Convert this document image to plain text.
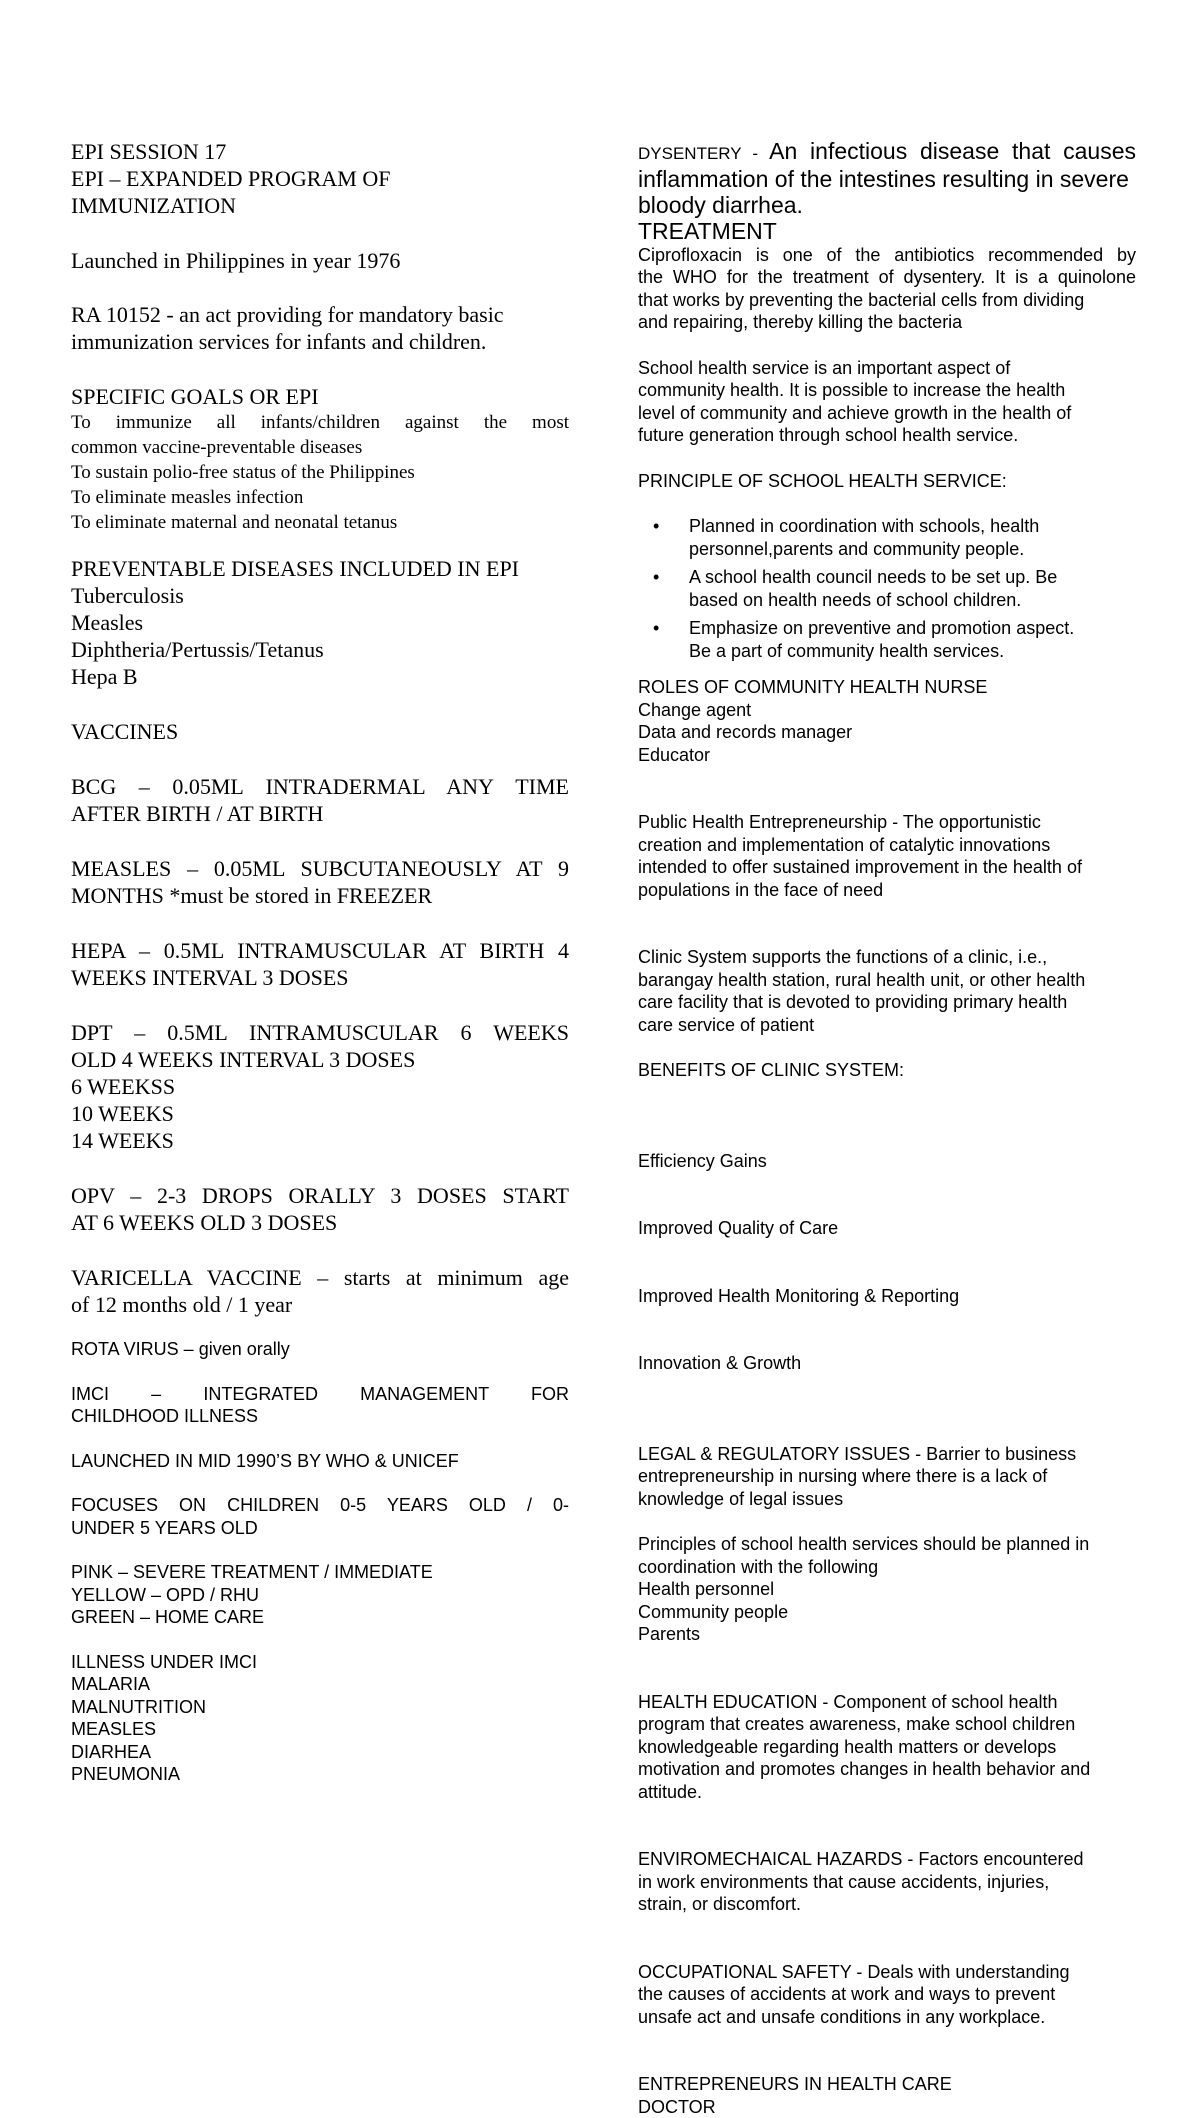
EPI SESSION 17
EPI – EXPANDED PROGRAM OF
IMMUNIZATION
Launched in Philippines in year 1976
RA 10152 - an act providing for mandatory basic
immunization services for infants and children.
SPECIFIC GOALS OR EPI
To immunize all infants/children against the most
common vaccine-preventable diseases
To sustain polio-free status of the Philippines
To eliminate measles infection
To eliminate maternal and neonatal tetanus
PREVENTABLE DISEASES INCLUDED IN EPI
Tuberculosis
Measles
Diphtheria/Pertussis/Tetanus
Hepa B
VACCINES
BCG – 0.05ML INTRADERMAL ANY TIME
AFTER BIRTH / AT BIRTH
MEASLES – 0.05ML SUBCUTANEOUSLY AT 9
MONTHS *must be stored in FREEZER
HEPA – 0.5ML INTRAMUSCULAR AT BIRTH 4
WEEKS INTERVAL 3 DOSES
DPT – 0.5ML INTRAMUSCULAR 6 WEEKS
OLD 4 WEEKS INTERVAL 3 DOSES
6 WEEKSS
10 WEEKS
14 WEEKS
OPV – 2-3 DROPS ORALLY 3 DOSES START
AT 6 WEEKS OLD 3 DOSES
VARICELLA VACCINE – starts at minimum age
of 12 months old / 1 year
ROTA VIRUS – given orally
IMCI – INTEGRATED MANAGEMENT FOR
CHILDHOOD ILLNESS
LAUNCHED IN MID 1990’S BY WHO & UNICEF
FOCUSES ON CHILDREN 0-5 YEARS OLD / 0-
UNDER 5 YEARS OLD
PINK – SEVERE TREATMENT / IMMEDIATE
YELLOW – OPD / RHU
GREEN – HOME CARE
ILLNESS UNDER IMCI
MALARIA
MALNUTRITION
MEASLES
DIARHEA
PNEUMONIA
DYSENTERY - An infectious disease that causes
inflammation of the intestines resulting in severe
bloody diarrhea.
TREATMENT
Ciprofloxacin is one of the antibiotics recommended by
the WHO for the treatment of dysentery. It is a quinolone
that works by preventing the bacterial cells from dividing
and repairing, thereby killing the bacteria
School health service is an important aspect of
community health. It is possible to increase the health
level of community and achieve growth in the health of
future generation through school health service.
PRINCIPLE OF SCHOOL HEALTH SERVICE:
• Planned in coordination with schools, health
personnel,parents and community people.
• A school health council needs to be set up. Be
based on health needs of school children.
• Emphasize on preventive and promotion aspect.
Be a part of community health services.
ROLES OF COMMUNITY HEALTH NURSE
Change agent
Data and records manager
Educator
Public Health Entrepreneurship - The opportunistic
creation and implementation of catalytic innovations
intended to offer sustained improvement in the health of
populations in the face of need
Clinic System supports the functions of a clinic, i.e.,
barangay health station, rural health unit, or other health
care facility that is devoted to providing primary health
care service of patient
BENEFITS OF CLINIC SYSTEM:

Efficiency Gains

Improved Quality of Care

Improved Health Monitoring & Reporting

Innovation & Growth

LEGAL & REGULATORY ISSUES - Barrier to business
entrepreneurship in nursing where there is a lack of
knowledge of legal issues
Principles of school health services should be planned in
coordination with the following
Health personnel
Community people
Parents
HEALTH EDUCATION - Component of school health
program that creates awareness, make school children
knowledgeable regarding health matters or develops
motivation and promotes changes in health behavior and
attitude.
ENVIROMECHAICAL HAZARDS - Factors encountered
in work environments that cause accidents, injuries,
strain, or discomfort.
OCCUPATIONAL SAFETY - Deals with understanding
the causes of accidents at work and ways to prevent
unsafe act and unsafe conditions in any workplace.
ENTREPRENEURS IN HEALTH CARE
DOCTOR
